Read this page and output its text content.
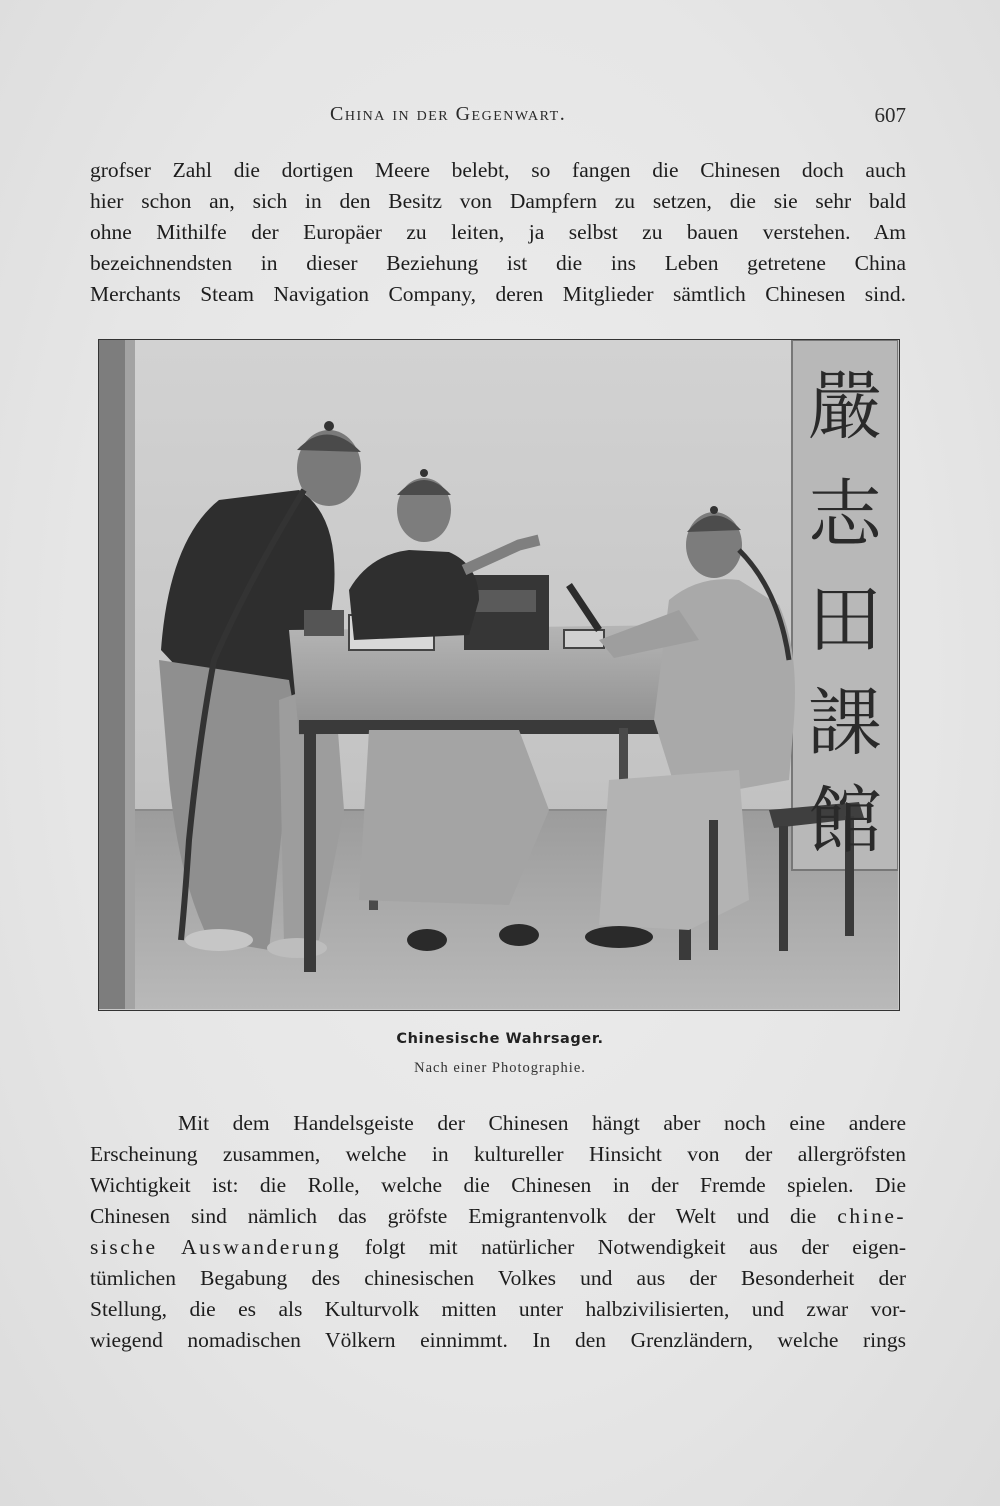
China in der Gegenwart.	607
grofser Zahl die dortigen Meere belebt, so fangen die Chinesen doch auch
hier schon an, sich in den Besitz von Dampfern zu setzen, die sie sehr bald
ohne Mithilfe der Europäer zu leiten, ja selbst zu bauen verstehen. Am
bezeichnendsten in dieser Beziehung ist die ins Leben getretene China
Merchants Steam Navigation Company, deren Mitglieder sämtlich Chinesen sind.
嚴
志
田
課
館
Chinesische Wahrsager.
Nach einer Photographie.
Mit dem Handelsgeiste der Chinesen hängt aber noch eine andere
Erscheinung zusammen, welche in kultureller Hinsicht von der allergröfsten
Wichtigkeit ist: die Rolle, welche die Chinesen in der Fremde spielen. Die
Chinesen sind nämlich das gröfste Emigrantenvolk der Welt und die chine-
sische Auswanderung folgt mit natürlicher Notwendigkeit aus der eigen-
tümlichen Begabung des chinesischen Volkes und aus der Besonderheit der
Stellung, die es als Kulturvolk mitten unter halbzivilisierten, und zwar vor-
wiegend nomadischen Völkern einnimmt. In den Grenzländern, welche rings
